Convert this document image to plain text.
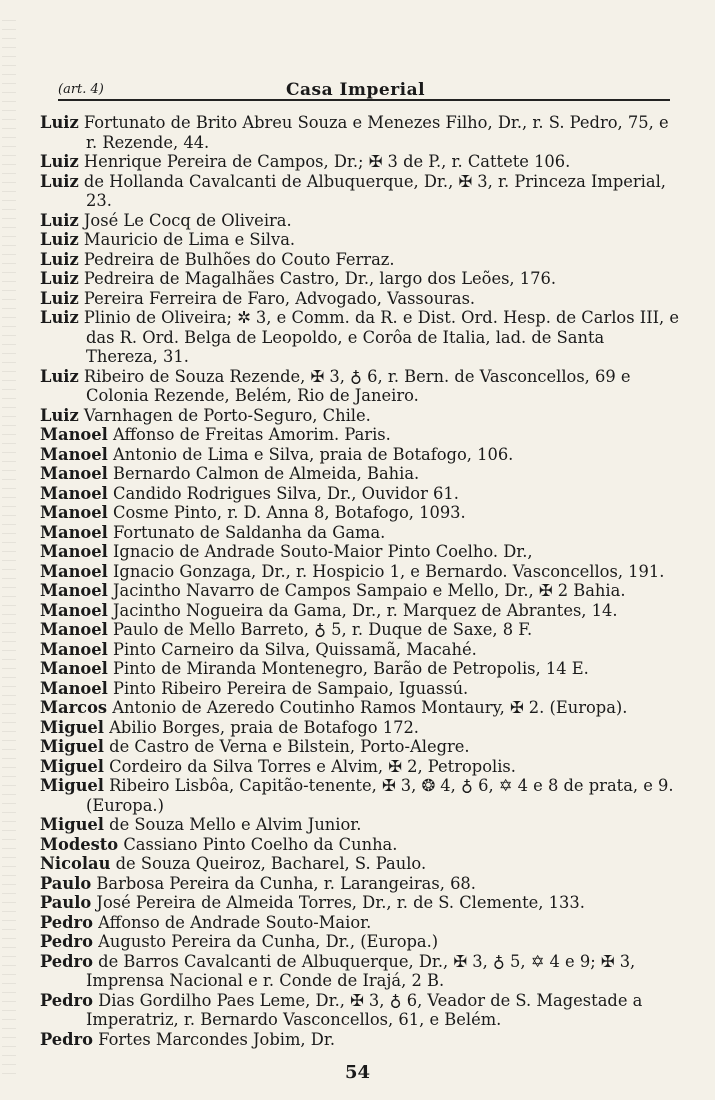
(art. 4)	Casa Imperial

Luiz Fortunato de Brito Abreu Souza e Menezes Filho, Dr., r. S. Pedro, 75, e r. Rezende, 44.

Luiz Henrique Pereira de Campos, Dr.; ✠ 3 de P., r. Cattete 106.

Luiz de Hollanda Cavalcanti de Albuquerque, Dr., ✠ 3, r. Princeza Imperial, 23.

Luiz José Le Cocq de Oliveira.

Luiz Mauricio de Lima e Silva.

Luiz Pedreira de Bulhões do Couto Ferraz.

Luiz Pedreira de Magalhães Castro, Dr., largo dos Leões, 176.

Luiz Pereira Ferreira de Faro, Advogado, Vassouras.

Luiz Plinio de Oliveira; ✲ 3, e Comm. da R. e Dist. Ord. Hesp. de Carlos III, e das R. Ord. Belga de Leopoldo, e Corôa de Italia, lad. de Santa Thereza, 31.

Luiz Ribeiro de Souza Rezende, ✠ 3, ♁ 6, r. Bern. de Vasconcellos, 69 e Colonia Rezende, Belém, Rio de Janeiro.

Luiz Varnhagen de Porto-Seguro, Chile.

Manoel Affonso de Freitas Amorim. Paris.

Manoel Antonio de Lima e Silva, praia de Botafogo, 106.

Manoel Bernardo Calmon de Almeida, Bahia.

Manoel Candido Rodrigues Silva, Dr., Ouvidor 61.

Manoel Cosme Pinto, r. D. Anna 8, Botafogo, 1093.

Manoel Fortunato de Saldanha da Gama.

Manoel Ignacio de Andrade Souto-Maior Pinto Coelho. Dr.,

Manoel Ignacio Gonzaga, Dr., r. Hospicio 1, e Bernardo. Vasconcellos, 191.

Manoel Jacintho Navarro de Campos Sampaio e Mello, Dr., ✠ 2 Bahia.

Manoel Jacintho Nogueira da Gama, Dr., r. Marquez de Abrantes, 14.

Manoel Paulo de Mello Barreto, ♁ 5, r. Duque de Saxe, 8 F.

Manoel Pinto Carneiro da Silva, Quissamã, Macahé.

Manoel Pinto de Miranda Montenegro, Barão de Petropolis, 14 E.

Manoel Pinto Ribeiro Pereira de Sampaio, Iguassú.

Marcos Antonio de Azeredo Coutinho Ramos Montaury, ✠ 2. (Europa).

Miguel Abilio Borges, praia de Botafogo 172.

Miguel de Castro de Verna e Bilstein, Porto-Alegre.

Miguel Cordeiro da Silva Torres e Alvim, ✠ 2, Petropolis.

Miguel Ribeiro Lisbôa, Capitão-tenente, ✠ 3, ❂ 4, ♁ 6, ✡ 4 e 8 de prata, e 9. (Europa.)

Miguel de Souza Mello e Alvim Junior.

Modesto Cassiano Pinto Coelho da Cunha.

Nicolau de Souza Queiroz, Bacharel, S. Paulo.

Paulo Barbosa Pereira da Cunha, r. Larangeiras, 68.

Paulo José Pereira de Almeida Torres, Dr., r. de S. Clemente, 133.

Pedro Affonso de Andrade Souto-Maior.

Pedro Augusto Pereira da Cunha, Dr., (Europa.)

Pedro de Barros Cavalcanti de Albuquerque, Dr., ✠ 3, ♁ 5, ✡ 4 e 9; ✠ 3, Imprensa Nacional e r. Conde de Irajá, 2 B.

Pedro Dias Gordilho Paes Leme, Dr., ✠ 3, ♁ 6, Veador de S. Magestade a Imperatriz, r. Bernardo Vasconcellos, 61, e Belém.

Pedro Fortes Marcondes Jobim, Dr.

54
